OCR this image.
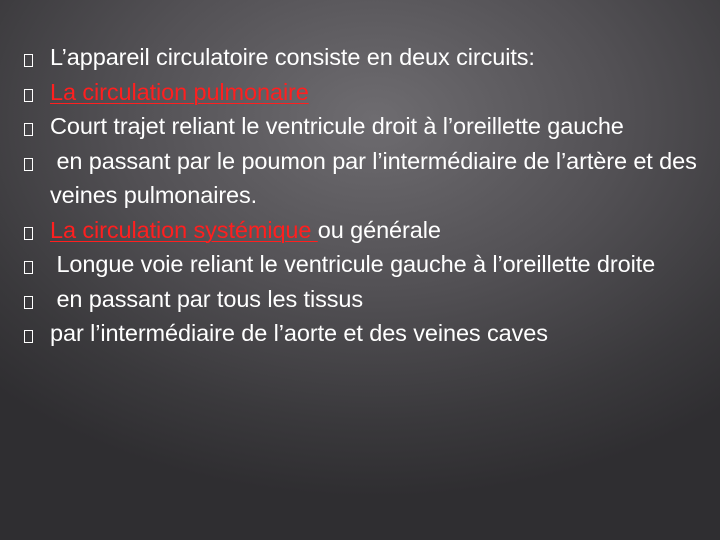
L’appareil circulatoire consiste en deux circuits:
La circulation pulmonaire
Court trajet reliant le ventricule droit à l’oreillette gauche
en passant par le poumon par l’intermédiaire de l’artère et des veines pulmonaires.
La circulation systémique ou générale
Longue voie reliant le ventricule gauche à l’oreillette droite
en passant par tous les tissus
par l’intermédiaire de l’aorte et des veines caves
